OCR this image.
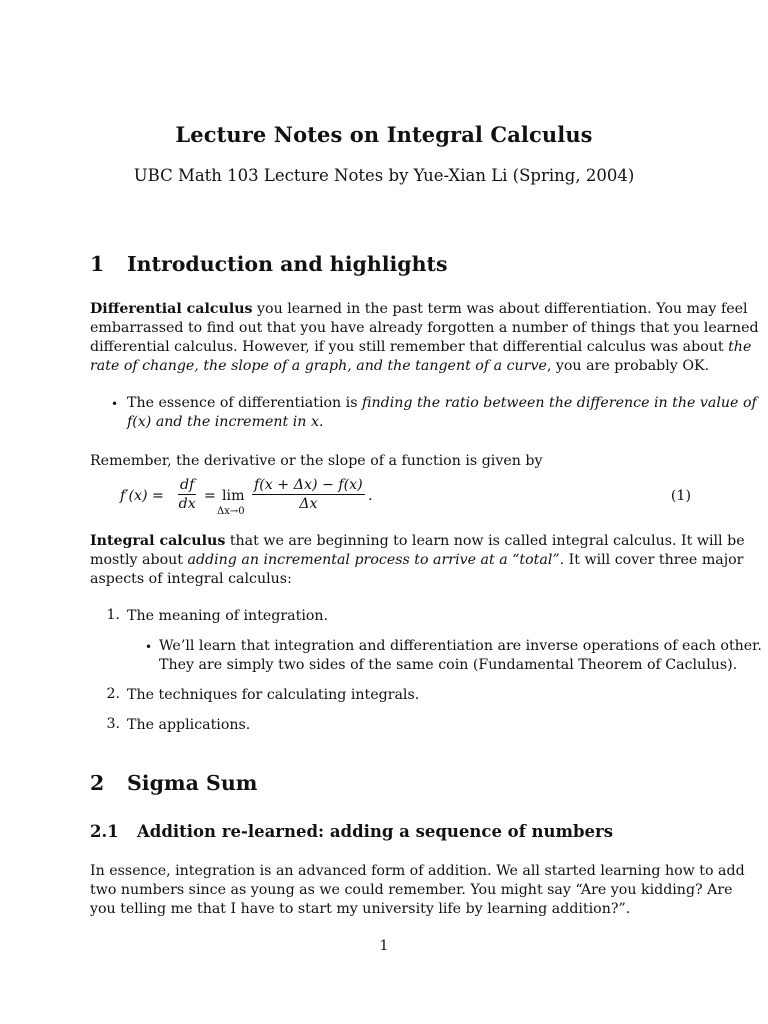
Lecture Notes on Integral Calculus
UBC Math 103 Lecture Notes by Yue-Xian Li (Spring, 2004)
1 Introduction and highlights
Differential calculus you learned in the past term was about differentiation. You may feel
embarrassed to find out that you have already forgotten a number of things that you learned
differential calculus. However, if you still remember that differential calculus was about the
rate of change, the slope of a graph, and the tangent of a curve, you are probably OK.
• The essence of differentiation is finding the ratio between the difference in the value of
f(x) and the increment in x.
Remember, the derivative or the slope of a function is given by
$f'(x) = \frac{df}{dx} = \lim$
$\Delta x\to 0 \frac{f(x + \Delta x) - f(x)}{\Delta x}$ .	(1)
Integral calculus that we are beginning to learn now is called integral calculus. It will be
mostly about adding an incremental process to arrive at a “total”. It will cover three major
aspects of integral calculus:
1. The meaning of integration.
• We’ll learn that integration and differentiation are inverse operations of each other.
They are simply two sides of the same coin (Fundamental Theorem of Caclulus).
2. The techniques for calculating integrals.
3. The applications.
2 Sigma Sum
2.1 Addition re-learned: adding a sequence of numbers
In essence, integration is an advanced form of addition. We all started learning how to add
two numbers since as young as we could remember. You might say “Are you kidding? Are
you telling me that I have to start my university life by learning addition?”.
1
